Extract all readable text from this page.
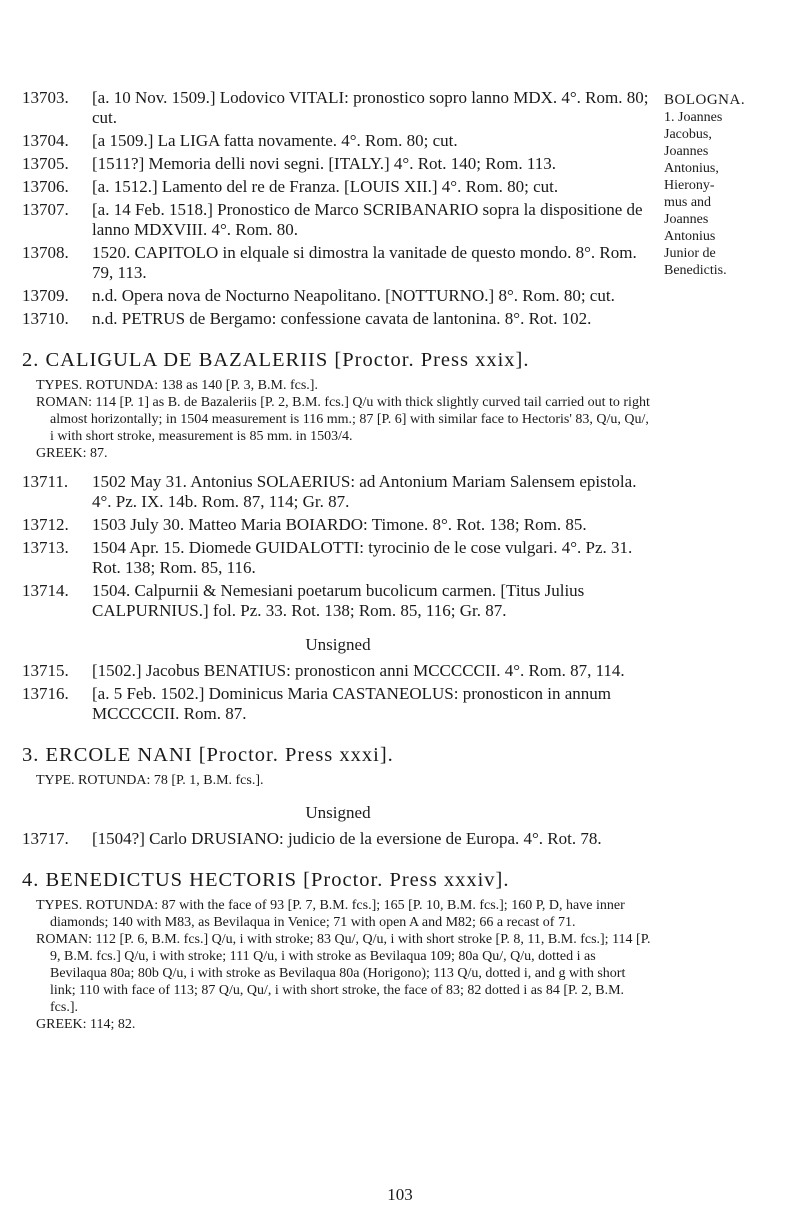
BOLOGNA.
1. Joannes
Jacobus,
Joannes
Antonius,
Hierony-
mus and
Joannes
Antonius
Junior de
Benedictis.
13703. [a. 10 Nov. 1509.] Lodovico VITALI: pronostico sopro lanno MDX. 4°. Rom. 80; cut.
13704. [a 1509.] La LIGA fatta novamente. 4°. Rom. 80; cut.
13705. [1511?] Memoria delli novi segni. [ITALY.] 4°. Rot. 140; Rom. 113.
13706. [a. 1512.] Lamento del re de Franza. [LOUIS XII.] 4°. Rom. 80; cut.
13707. [a. 14 Feb. 1518.] Pronostico de Marco SCRIBANARIO sopra la dispositione de lanno MDXVIII. 4°. Rom. 80.
13708. 1520. CAPITOLO in elquale si dimostra la vanitade de questo mondo. 8°. Rom. 79, 113.
13709. n.d. Opera nova de Nocturno Neapolitano. [NOTTURNO.] 8°. Rom. 80; cut.
13710. n.d. PETRUS de Bergamo: confessione cavata de lantonina. 8°. Rot. 102.
2. CALIGULA DE BAZALERIIS [Proctor. Press xxix].

TYPES. ROTUNDA: 138 as 140 [P. 3, B.M. fcs.].

ROMAN: 114 [P. 1] as B. de Bazaleriis [P. 2, B.M. fcs.] Q/u with thick slightly curved tail carried out to right almost horizontally; in 1504 measurement is 116 mm.; 87 [P. 6] with similar face to Hectoris' 83, Q/u, Qu/, i with short stroke, measurement is 85 mm. in 1503/4.

GREEK: 87.

13711. 1502 May 31. Antonius SOLAERIUS: ad Antonium Mariam Salensem epistola. 4°. Pz. IX. 14b. Rom. 87, 114; Gr. 87.
13712. 1503 July 30. Matteo Maria BOIARDO: Timone. 8°. Rot. 138; Rom. 85.
13713. 1504 Apr. 15. Diomede GUIDALOTTI: tyrocinio de le cose vulgari. 4°. Pz. 31. Rot. 138; Rom. 85, 116.
13714. 1504. Calpurnii & Nemesiani poetarum bucolicum carmen. [Titus Julius CALPURNIUS.] fol. Pz. 33. Rot. 138; Rom. 85, 116; Gr. 87.
Unsigned
13715. [1502.] Jacobus BENATIUS: pronosticon anni MCCCCCII. 4°. Rom. 87, 114.
13716. [a. 5 Feb. 1502.] Dominicus Maria CASTANEOLUS: pronosticon in annum MCCCCCII. Rom. 87.
3. ERCOLE NANI [Proctor. Press xxxi].

TYPE. ROTUNDA: 78 [P. 1, B.M. fcs.].

Unsigned
13717. [1504?] Carlo DRUSIANO: judicio de la eversione de Europa. 4°. Rot. 78.
4. BENEDICTUS HECTORIS [Proctor. Press xxxiv].

TYPES. ROTUNDA: 87 with the face of 93 [P. 7, B.M. fcs.]; 165 [P. 10, B.M. fcs.]; 160 P, D, have inner diamonds; 140 with M83, as Bevilaqua in Venice; 71 with open A and M82; 66 a recast of 71.

ROMAN: 112 [P. 6, B.M. fcs.] Q/u, i with stroke; 83 Qu/, Q/u, i with short stroke [P. 8, 11, B.M. fcs.]; 114 [P. 9, B.M. fcs.] Q/u, i with stroke; 111 Q/u, i with stroke as Bevilaqua 109; 80a Qu/, Q/u, dotted i as Bevilaqua 80a; 80b Q/u, i with stroke as Bevilaqua 80a (Horigono); 113 Q/u, dotted i, and g with short link; 110 with face of 113; 87 Q/u, Qu/, i with short stroke, the face of 83; 82 dotted i as 84 [P. 2, B.M. fcs.].

GREEK: 114; 82.

103
